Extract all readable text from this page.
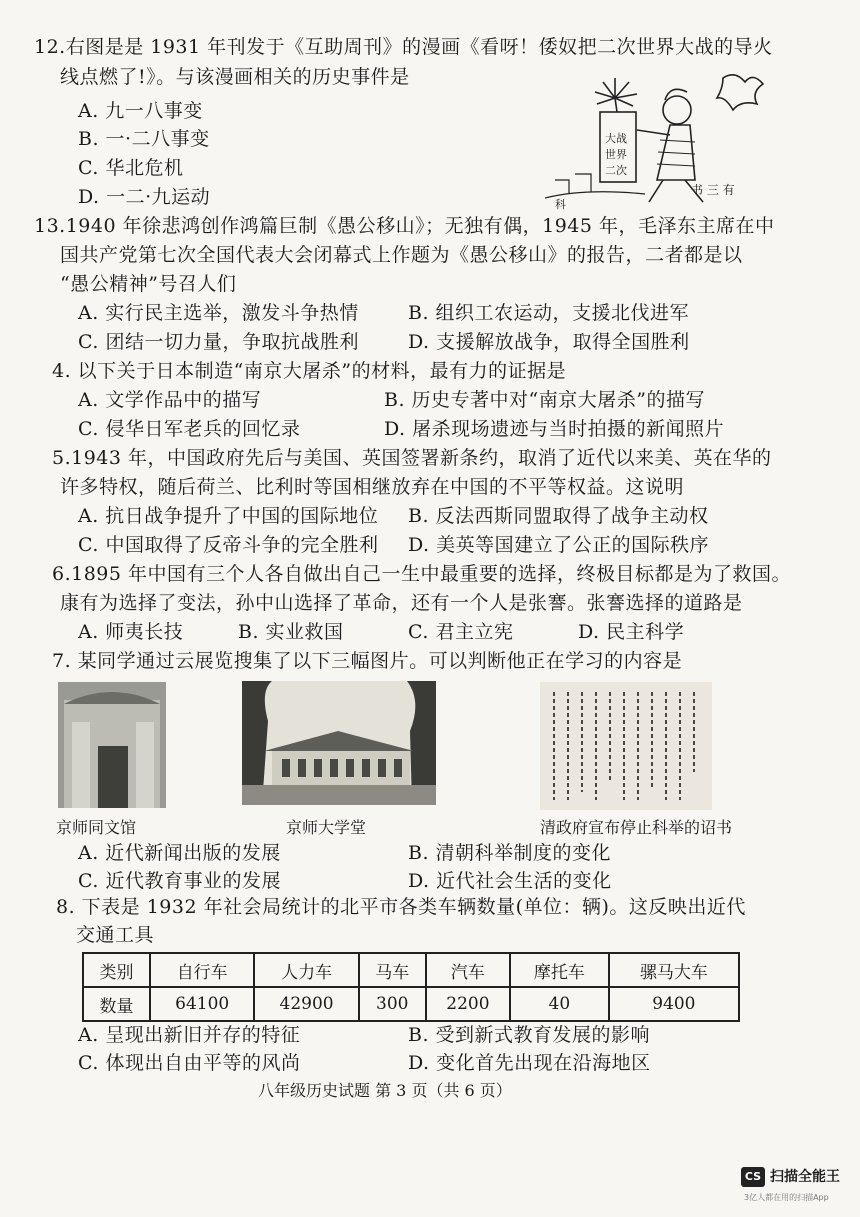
12.右图是是 1931 年刊发于《互助周刊》的漫画《看呀！倭奴把二次世界大战的导火
线点燃了!》。与该漫画相关的历史事件是
A. 九一八事变
B. 一·二八事变
C. 华北危机
D. 一二·九运动
大战
世界
二次
书 三 有
科
13.1940 年徐悲鸿创作鸿篇巨制《愚公移山》；无独有偶，1945 年，毛泽东主席在中
国共产党第七次全国代表大会闭幕式上作题为《愚公移山》的报告，二者都是以
“愚公精神”号召人们
A. 实行民主选举，激发斗争热情	B. 组织工农运动，支援北伐进军
C. 团结一切力量，争取抗战胜利	D. 支援解放战争，取得全国胜利
4. 以下关于日本制造“南京大屠杀”的材料，最有力的证据是
A. 文学作品中的描写	B. 历史专著中对“南京大屠杀”的描写
C. 侵华日军老兵的回忆录	D. 屠杀现场遗迹与当时拍摄的新闻照片
5.1943 年，中国政府先后与美国、英国签署新条约，取消了近代以来美、英在华的
许多特权，随后荷兰、比利时等国相继放弃在中国的不平等权益。这说明
A. 抗日战争提升了中国的国际地位 B. 反法西斯同盟取得了战争主动权
C. 中国取得了反帝斗争的完全胜利 D. 美英等国建立了公正的国际秩序
6.1895 年中国有三个人各自做出自己一生中最重要的选择，终极目标都是为了救国。
康有为选择了变法，孙中山选择了革命，还有一个人是张謇。张謇选择的道路是
A. 师夷长技	B. 实业救国	C. 君主立宪	D. 民主科学
7. 某同学通过云展览搜集了以下三幅图片。可以判断他正在学习的内容是
京师同文馆	京师大学堂	清政府宣布停止科举的诏书
A. 近代新闻出版的发展	B. 清朝科举制度的变化
C. 近代教育事业的发展	D. 近代社会生活的变化
8. 下表是 1932 年社会局统计的北平市各类车辆数量(单位：辆)。这反映出近代
交通工具
类别	自行车	人力车	马车	汽车	摩托车	骡马大车
数量	64100	42900	300	2200	40	9400
A. 呈现出新旧并存的特征	B. 受到新式教育发展的影响
C. 体现出自由平等的风尚	D. 变化首先出现在沿海地区
八年级历史试题 第 3 页（共 6 页）
CS 扫描全能王
3亿人都在用的扫描App
